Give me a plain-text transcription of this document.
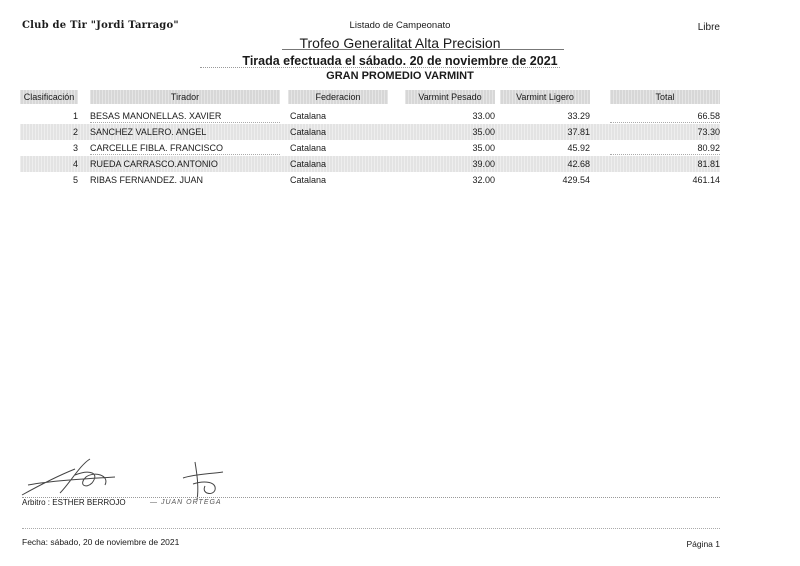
Club de Tir "Jordi Tarrago"	Listado de Campeonato	Libre
Trofeo Generalitat Alta Precision
Tirada efectuada el sábado. 20 de noviembre de 2021
GRAN PROMEDIO VARMINT
Clasificación	Tirador	Federacion	Varmint Pesado	Varmint Ligero	Total
1 BESAS MANONELLAS. XAVIER	Catalana	33.00	33.29	66.58
2 SANCHEZ VALERO. ANGEL	Catalana	35.00	37.81	73.30
3 CARCELLE FIBLA. FRANCISCO	Catalana	35.00	45.92	80.92
4 RUEDA CARRASCO.ANTONIO	Catalana	39.00	42.68	81.81
5 RIBAS FERNANDEZ. JUAN	Catalana	32.00	429.54	461.14
Arbitro : ESTHER BERROJO	— JUAN ORTEGA
Fecha: sábado, 20 de noviembre de 2021	Página 1
